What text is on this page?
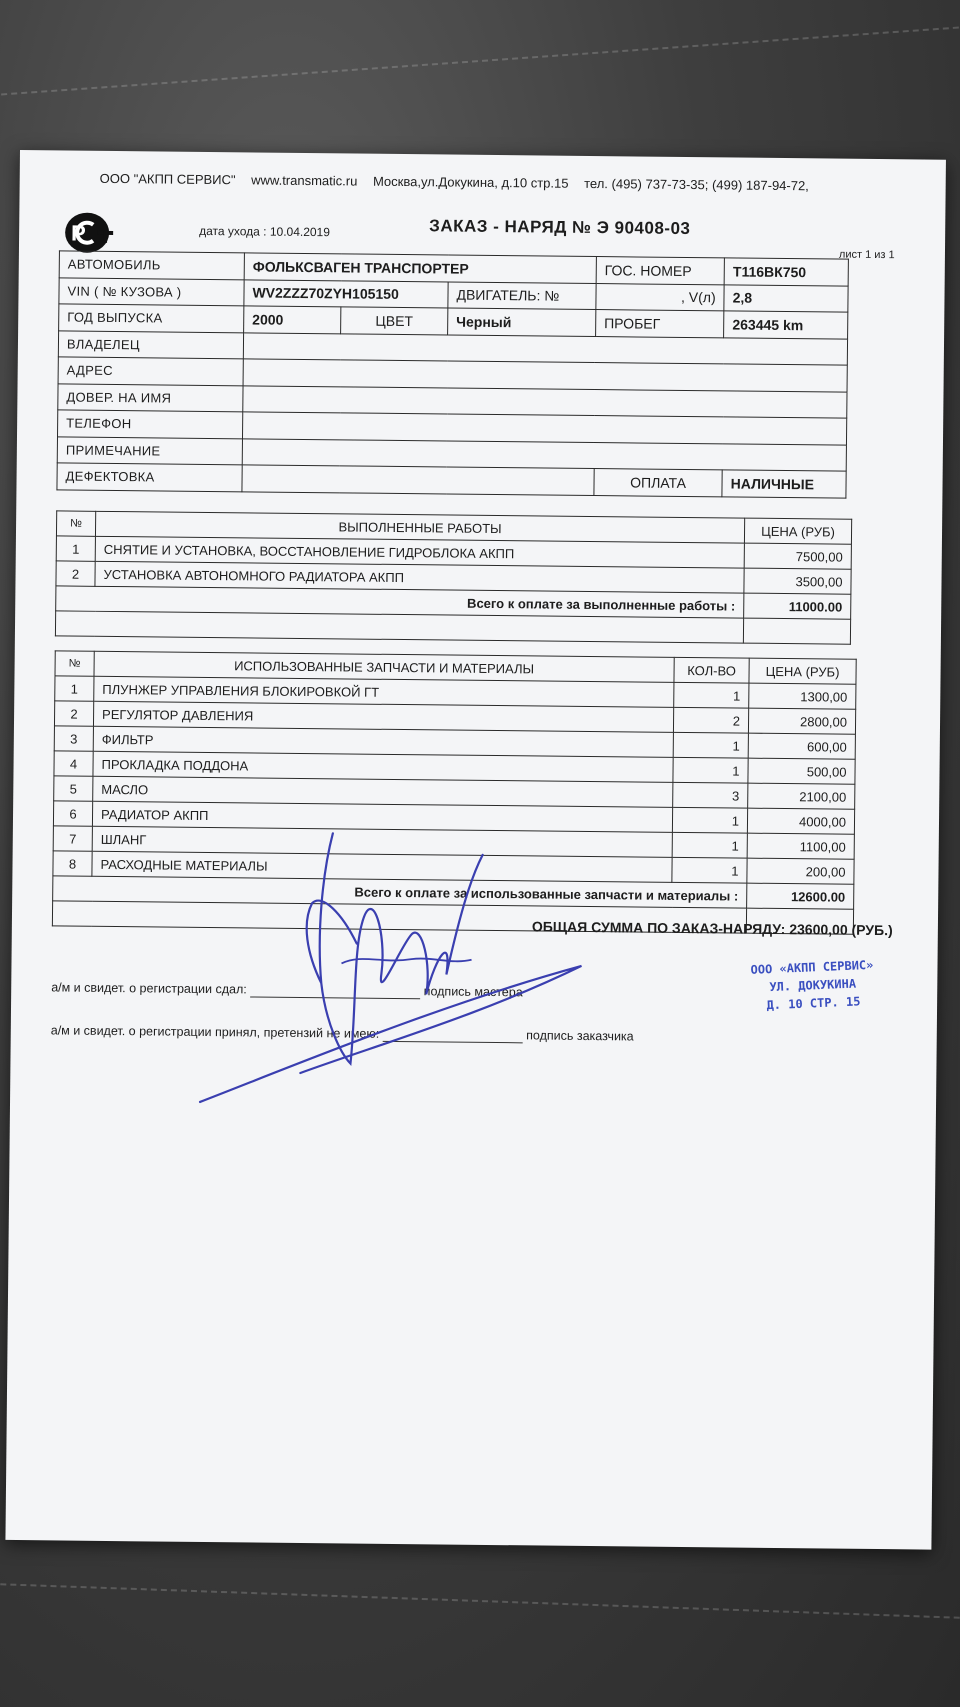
ООО "АКПП СЕРВИС" www.transmatic.ru Москва,ул.Докукина, д.10 стр.15 тел. (495) 737-73-35; (499) 187-94-72,
Р	дата ухода : 10.04.2019	ЗАКАЗ - НАРЯД № Э 90408-03
лист 1 из 1
АВТОМОБИЛЬ	ФОЛЬКСВАГЕН ТРАНСПОРТЕР			ГОС. НОМЕР	Т116ВК750
VIN ( № КУЗОВА )	WV2ZZZ70ZYH105150		ДВИГАТЕЛЬ: №	, V(л)	2,8
ГОД ВЫПУСКА	2000	ЦВЕТ	Черный	ПРОБЕГ	263445 km
ВЛАДЕЛЕЦ					
АДРЕС					
ДОВЕР. НА ИМЯ					
ТЕЛЕФОН					
ПРИМЕЧАНИЕ					
ДЕФЕКТОВКА				ОПЛАТА	НАЛИЧНЫЕ
№	ВЫПОЛНЕННЫЕ РАБОТЫ	ЦЕНА (РУБ)
1	СНЯТИЕ И УСТАНОВКА, ВОССТАНОВЛЕНИЕ ГИДРОБЛОКА АКПП	7500,00
2	УСТАНОВКА АВТОНОМНОГО РАДИАТОРА АКПП	3500,00
Всего к оплате за выполненные работы :		11000.00

№	ИСПОЛЬЗОВАННЫЕ ЗАПЧАСТИ И МАТЕРИАЛЫ	КОЛ-ВО	ЦЕНА (РУБ)
1	ПЛУНЖЕР УПРАВЛЕНИЯ БЛОКИРОВКОЙ ГТ	1	1300,00
2	РЕГУЛЯТОР ДАВЛЕНИЯ	2	2800,00
3	ФИЛЬТР	1	600,00
4	ПРОКЛАДКА ПОДДОНА	1	500,00
5	МАСЛО	3	2100,00
6	РАДИАТОР АКПП	1	4000,00
7	ШЛАНГ	1	1100,00
8	РАСХОДНЫЕ МАТЕРИАЛЫ	1	200,00
Всего к оплате за использованные запчасти и материалы :			12600.00

ОБЩАЯ СУММА ПО ЗАКАЗ-НАРЯДУ: 23600,00 (РУБ.)
а/м и свидет. о регистрации сдал:	подпись мастера
а/м и свидет. о регистрации принял, претензий не имею:	подпись заказчика
ООО «АКПП СЕРВИС»
УЛ. ДОКУКИНА
Д. 10 СТР. 15
